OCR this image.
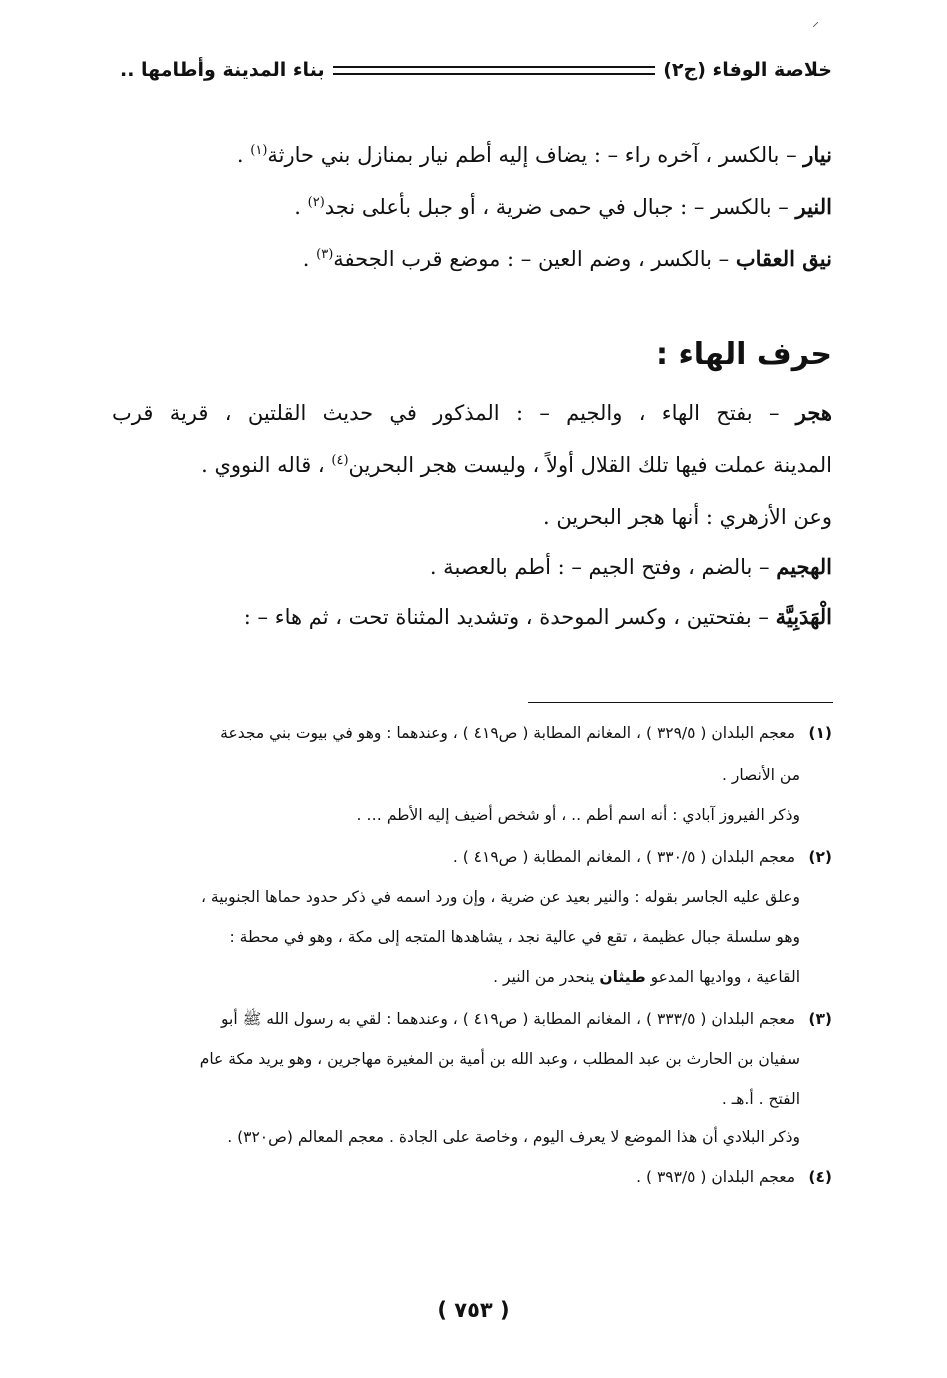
⸝
خلاصة الوفاء (ج٢)
بناء المدينة وأطامها ..
نيار – بالكسر ، آخره راء – : يضاف إليه أطم نيار بمنازل بني حارثة$^{(١)}$ .
النير – بالكسر – : جبال في حمى ضرية ، أو جبل بأعلى نجد$^{(٢)}$ .
نيق العقاب – بالكسر ، وضم العين – : موضع قرب الجحفة$^{(٣)}$ .
حرف الهاء :
هجر – بفتح الهاء ، والجيم – : المذكور في حديث القلتين ، قرية قرب
المدينة عملت فيها تلك القلال أولاً ، وليست هجر البحرين$^{(٤)}$ ، قاله النووي .
وعن الأزهري : أنها هجر البحرين .
الهجيم – بالضم ، وفتح الجيم – : أطم بالعصبة .
الْهَدَبِيَّة – بفتحتين ، وكسر الموحدة ، وتشديد المثناة تحت ، ثم هاء – :
(١) معجم البلدان ( ٣٢٩/٥ ) ، المغانم المطابة ( ص٤١٩ ) ، وعندهما : وهو في بيوت بني مجدعة
من الأنصار .
وذكر الفيروز آبادي : أنه اسم أطم .. ، أو شخص أضيف إليه الأطم … .
(٢) معجم البلدان ( ٣٣٠/٥ ) ، المغانم المطابة ( ص٤١٩ ) .
وعلق عليه الجاسر بقوله : والنير بعيد عن ضرية ، وإن ورد اسمه في ذكر حدود حماها الجنوبية ،
وهو سلسلة جبال عظيمة ، تقع في عالية نجد ، يشاهدها المتجه إلى مكة ، وهو في محطة :
القاعية ، وواديها المدعو طيثان ينحدر من النير .
(٣) معجم البلدان ( ٣٣٣/٥ ) ، المغانم المطابة ( ص٤١٩ ) ، وعندهما : لقي به رسول الله ﷺ أبو
سفيان بن الحارث بن عبد المطلب ، وعبد الله بن أمية بن المغيرة مهاجرين ، وهو يريد مكة عام
الفتح . أ.هـ .
وذكر البلادي أن هذا الموضع لا يعرف اليوم ، وخاصة على الجادة . معجم المعالم (ص٣٢٠) .
(٤) معجم البلدان ( ٣٩٣/٥ ) .
( ٧٥٣ )
